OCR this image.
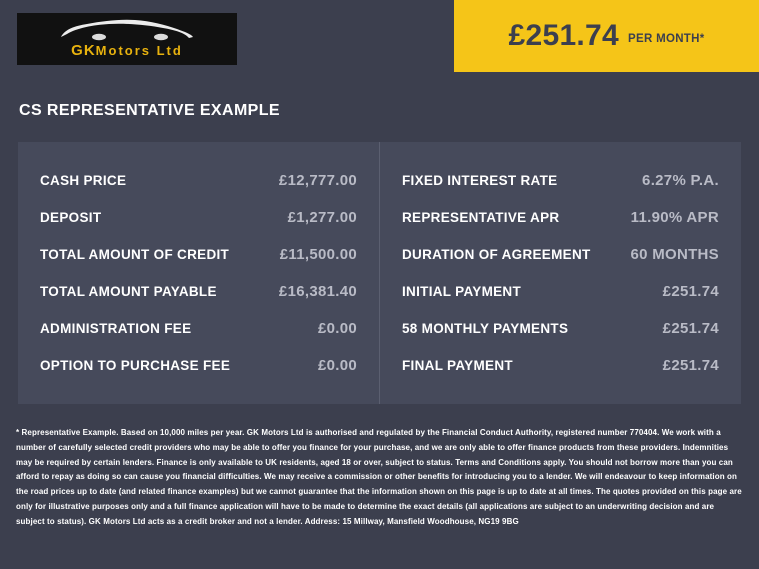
GKMotors Ltd	£251.74 PER MONTH*
CS REPRESENTATIVE EXAMPLE
CASH PRICE	£12,777.00
DEPOSIT	£1,277.00
TOTAL AMOUNT OF CREDIT	£11,500.00
TOTAL AMOUNT PAYABLE	£16,381.40
ADMINISTRATION FEE	£0.00
OPTION TO PURCHASE FEE	£0.00
FIXED INTEREST RATE	6.27% P.A.
REPRESENTATIVE APR	11.90% APR
DURATION OF AGREEMENT	60 MONTHS
INITIAL PAYMENT	£251.74
58 MONTHLY PAYMENTS	£251.74
FINAL PAYMENT	£251.74
* Representative Example. Based on 10,000 miles per year. GK Motors Ltd is authorised and regulated by the Financial Conduct Authority, registered number 770404. We work with a number of carefully selected credit providers who may be able to offer you finance for your purchase, and we are only able to offer finance products from these providers. Indemnities may be required by certain lenders. Finance is only available to UK residents, aged 18 or over, subject to status. Terms and Conditions apply. You should not borrow more than you can afford to repay as doing so can cause you financial difficulties. We may receive a commission or other benefits for introducing you to a lender. We will endeavour to keep information on the road prices up to date (and related finance examples) but we cannot guarantee that the information shown on this page is up to date at all times. The quotes provided on this page are only for illustrative purposes only and a full finance application will have to be made to determine the exact details (all applications are subject to an underwriting decision and are subject to status). GK Motors Ltd acts as a credit broker and not a lender. Address: 15 Millway, Mansfield Woodhouse, NG19 9BG
